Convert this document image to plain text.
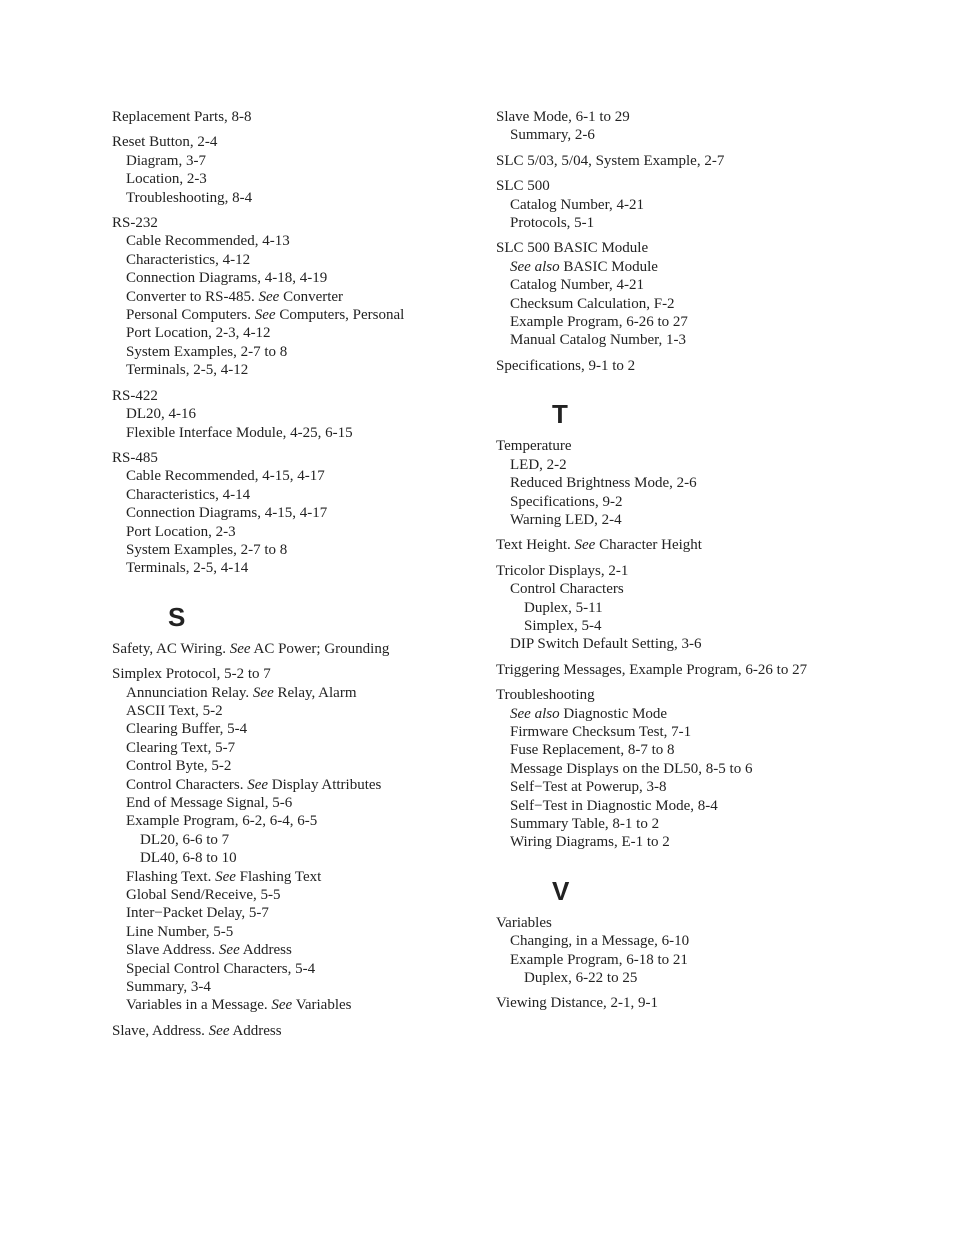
Replacement Parts, 8-8
Reset Button, 2-4
Diagram, 3-7
Location, 2-3
Troubleshooting, 8-4
RS-232
Cable Recommended, 4-13
Characteristics, 4-12
Connection Diagrams, 4-18, 4-19
Converter to RS-485. See Converter
Personal Computers. See Computers, Personal
Port Location, 2-3, 4-12
System Examples, 2-7 to 8
Terminals, 2-5, 4-12
RS-422
DL20, 4-16
Flexible Interface Module, 4-25, 6-15
RS-485
Cable Recommended, 4-15, 4-17
Characteristics, 4-14
Connection Diagrams, 4-15, 4-17
Port Location, 2-3
System Examples, 2-7 to 8
Terminals, 2-5, 4-14
S
Safety, AC Wiring. See AC Power; Grounding
Simplex Protocol, 5-2 to 7
Annunciation Relay. See Relay, Alarm
ASCII Text, 5-2
Clearing Buffer, 5-4
Clearing Text, 5-7
Control Byte, 5-2
Control Characters. See Display Attributes
End of Message Signal, 5-6
Example Program, 6-2, 6-4, 6-5
DL20, 6-6 to 7
DL40, 6-8 to 10
Flashing Text. See Flashing Text
Global Send/Receive, 5-5
Inter−Packet Delay, 5-7
Line Number, 5-5
Slave Address. See Address
Special Control Characters, 5-4
Summary, 3-4
Variables in a Message. See Variables
Slave, Address. See Address
Slave Mode, 6-1 to 29
Summary, 2-6
SLC 5/03, 5/04, System Example, 2-7
SLC 500
Catalog Number, 4-21
Protocols, 5-1
SLC 500 BASIC Module
See also BASIC Module
Catalog Number, 4-21
Checksum Calculation, F-2
Example Program, 6-26 to 27
Manual Catalog Number, 1-3
Specifications, 9-1 to 2
T
Temperature
LED, 2-2
Reduced Brightness Mode, 2-6
Specifications, 9-2
Warning LED, 2-4
Text Height. See Character Height
Tricolor Displays, 2-1
Control Characters
Duplex, 5-11
Simplex, 5-4
DIP Switch Default Setting, 3-6
Triggering Messages, Example Program, 6-26 to 27
Troubleshooting
See also Diagnostic Mode
Firmware Checksum Test, 7-1
Fuse Replacement, 8-7 to 8
Message Displays on the DL50, 8-5 to 6
Self−Test at Powerup, 3-8
Self−Test in Diagnostic Mode, 8-4
Summary Table, 8-1 to 2
Wiring Diagrams, E-1 to 2
V
Variables
Changing, in a Message, 6-10
Example Program, 6-18 to 21
Duplex, 6-22 to 25
Viewing Distance, 2-1, 9-1
